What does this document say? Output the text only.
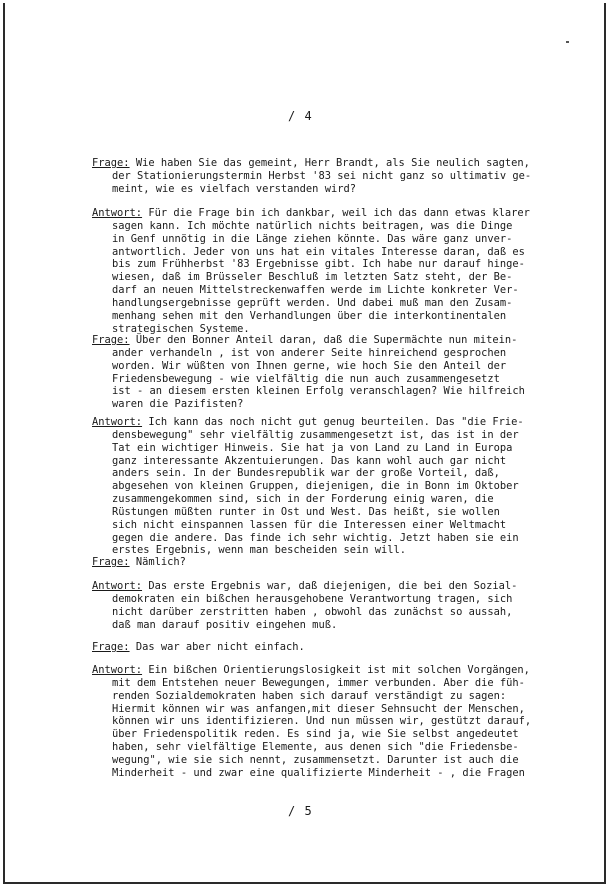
/ 4
Frage: Wie haben Sie das gemeint, Herr Brandt, als Sie neulich sagten,
der Stationierungstermin Herbst '83 sei nicht ganz so ultimativ ge-
meint, wie es vielfach verstanden wird?
Antwort: Für die Frage bin ich dankbar, weil ich das dann etwas klarer
sagen kann. Ich möchte natürlich nichts beitragen, was die Dinge
in Genf unnötig in die Länge ziehen könnte. Das wäre ganz unver-
antwortlich. Jeder von uns hat ein vitales Interesse daran, daß es
bis zum Frühherbst '83 Ergebnisse gibt. Ich habe nur darauf hinge-
wiesen, daß im Brüsseler Beschluß im letzten Satz steht, der Be-
darf an neuen Mittelstreckenwaffen werde im Lichte konkreter Ver-
handlungsergebnisse geprüft werden. Und dabei muß man den Zusam-
menhang sehen mit den Verhandlungen über die interkontinentalen
strategischen Systeme.
Frage: Über den Bonner Anteil daran, daß die Supermächte nun mitein-
ander verhandeln , ist von anderer Seite hinreichend gesprochen
worden. Wir wüßten von Ihnen gerne, wie hoch Sie den Anteil der
Friedensbewegung - wie vielfältig die nun auch zusammengesetzt
ist - an diesem ersten kleinen Erfolg veranschlagen? Wie hilfreich
waren die Pazifisten?
Antwort: Ich kann das noch nicht gut genug beurteilen. Das "die Frie-
densbewegung" sehr vielfältig zusammengesetzt ist, das ist in der
Tat ein wichtiger Hinweis. Sie hat ja von Land zu Land in Europa
ganz interessante Akzentuierungen. Das kann wohl auch gar nicht
anders sein. In der Bundesrepublik war der große Vorteil, daß,
abgesehen von kleinen Gruppen, diejenigen, die in Bonn im Oktober
zusammengekommen sind, sich in der Forderung einig waren, die
Rüstungen müßten runter in Ost und West. Das heißt, sie wollen
sich nicht einspannen lassen für die Interessen einer Weltmacht
gegen die andere. Das finde ich sehr wichtig. Jetzt haben sie ein
erstes Ergebnis, wenn man bescheiden sein will.
Frage: Nämlich?
Antwort: Das erste Ergebnis war, daß diejenigen, die bei den Sozial-
demokraten ein bißchen herausgehobene Verantwortung tragen, sich
nicht darüber zerstritten haben , obwohl das zunächst so aussah,
daß man darauf positiv eingehen muß.
Frage: Das war aber nicht einfach.
Antwort: Ein bißchen Orientierungslosigkeit ist mit solchen Vorgängen,
mit dem Entstehen neuer Bewegungen, immer verbunden. Aber die füh-
renden Sozialdemokraten haben sich darauf verständigt zu sagen:
Hiermit können wir was anfangen,mit dieser Sehnsucht der Menschen,
können wir uns identifizieren. Und nun müssen wir, gestützt darauf,
über Friedenspolitik reden. Es sind ja, wie Sie selbst angedeutet
haben, sehr vielfältige Elemente, aus denen sich "die Friedensbe-
wegung", wie sie sich nennt, zusammensetzt. Darunter ist auch die
Minderheit - und zwar eine qualifizierte Minderheit - , die Fragen
/ 5
